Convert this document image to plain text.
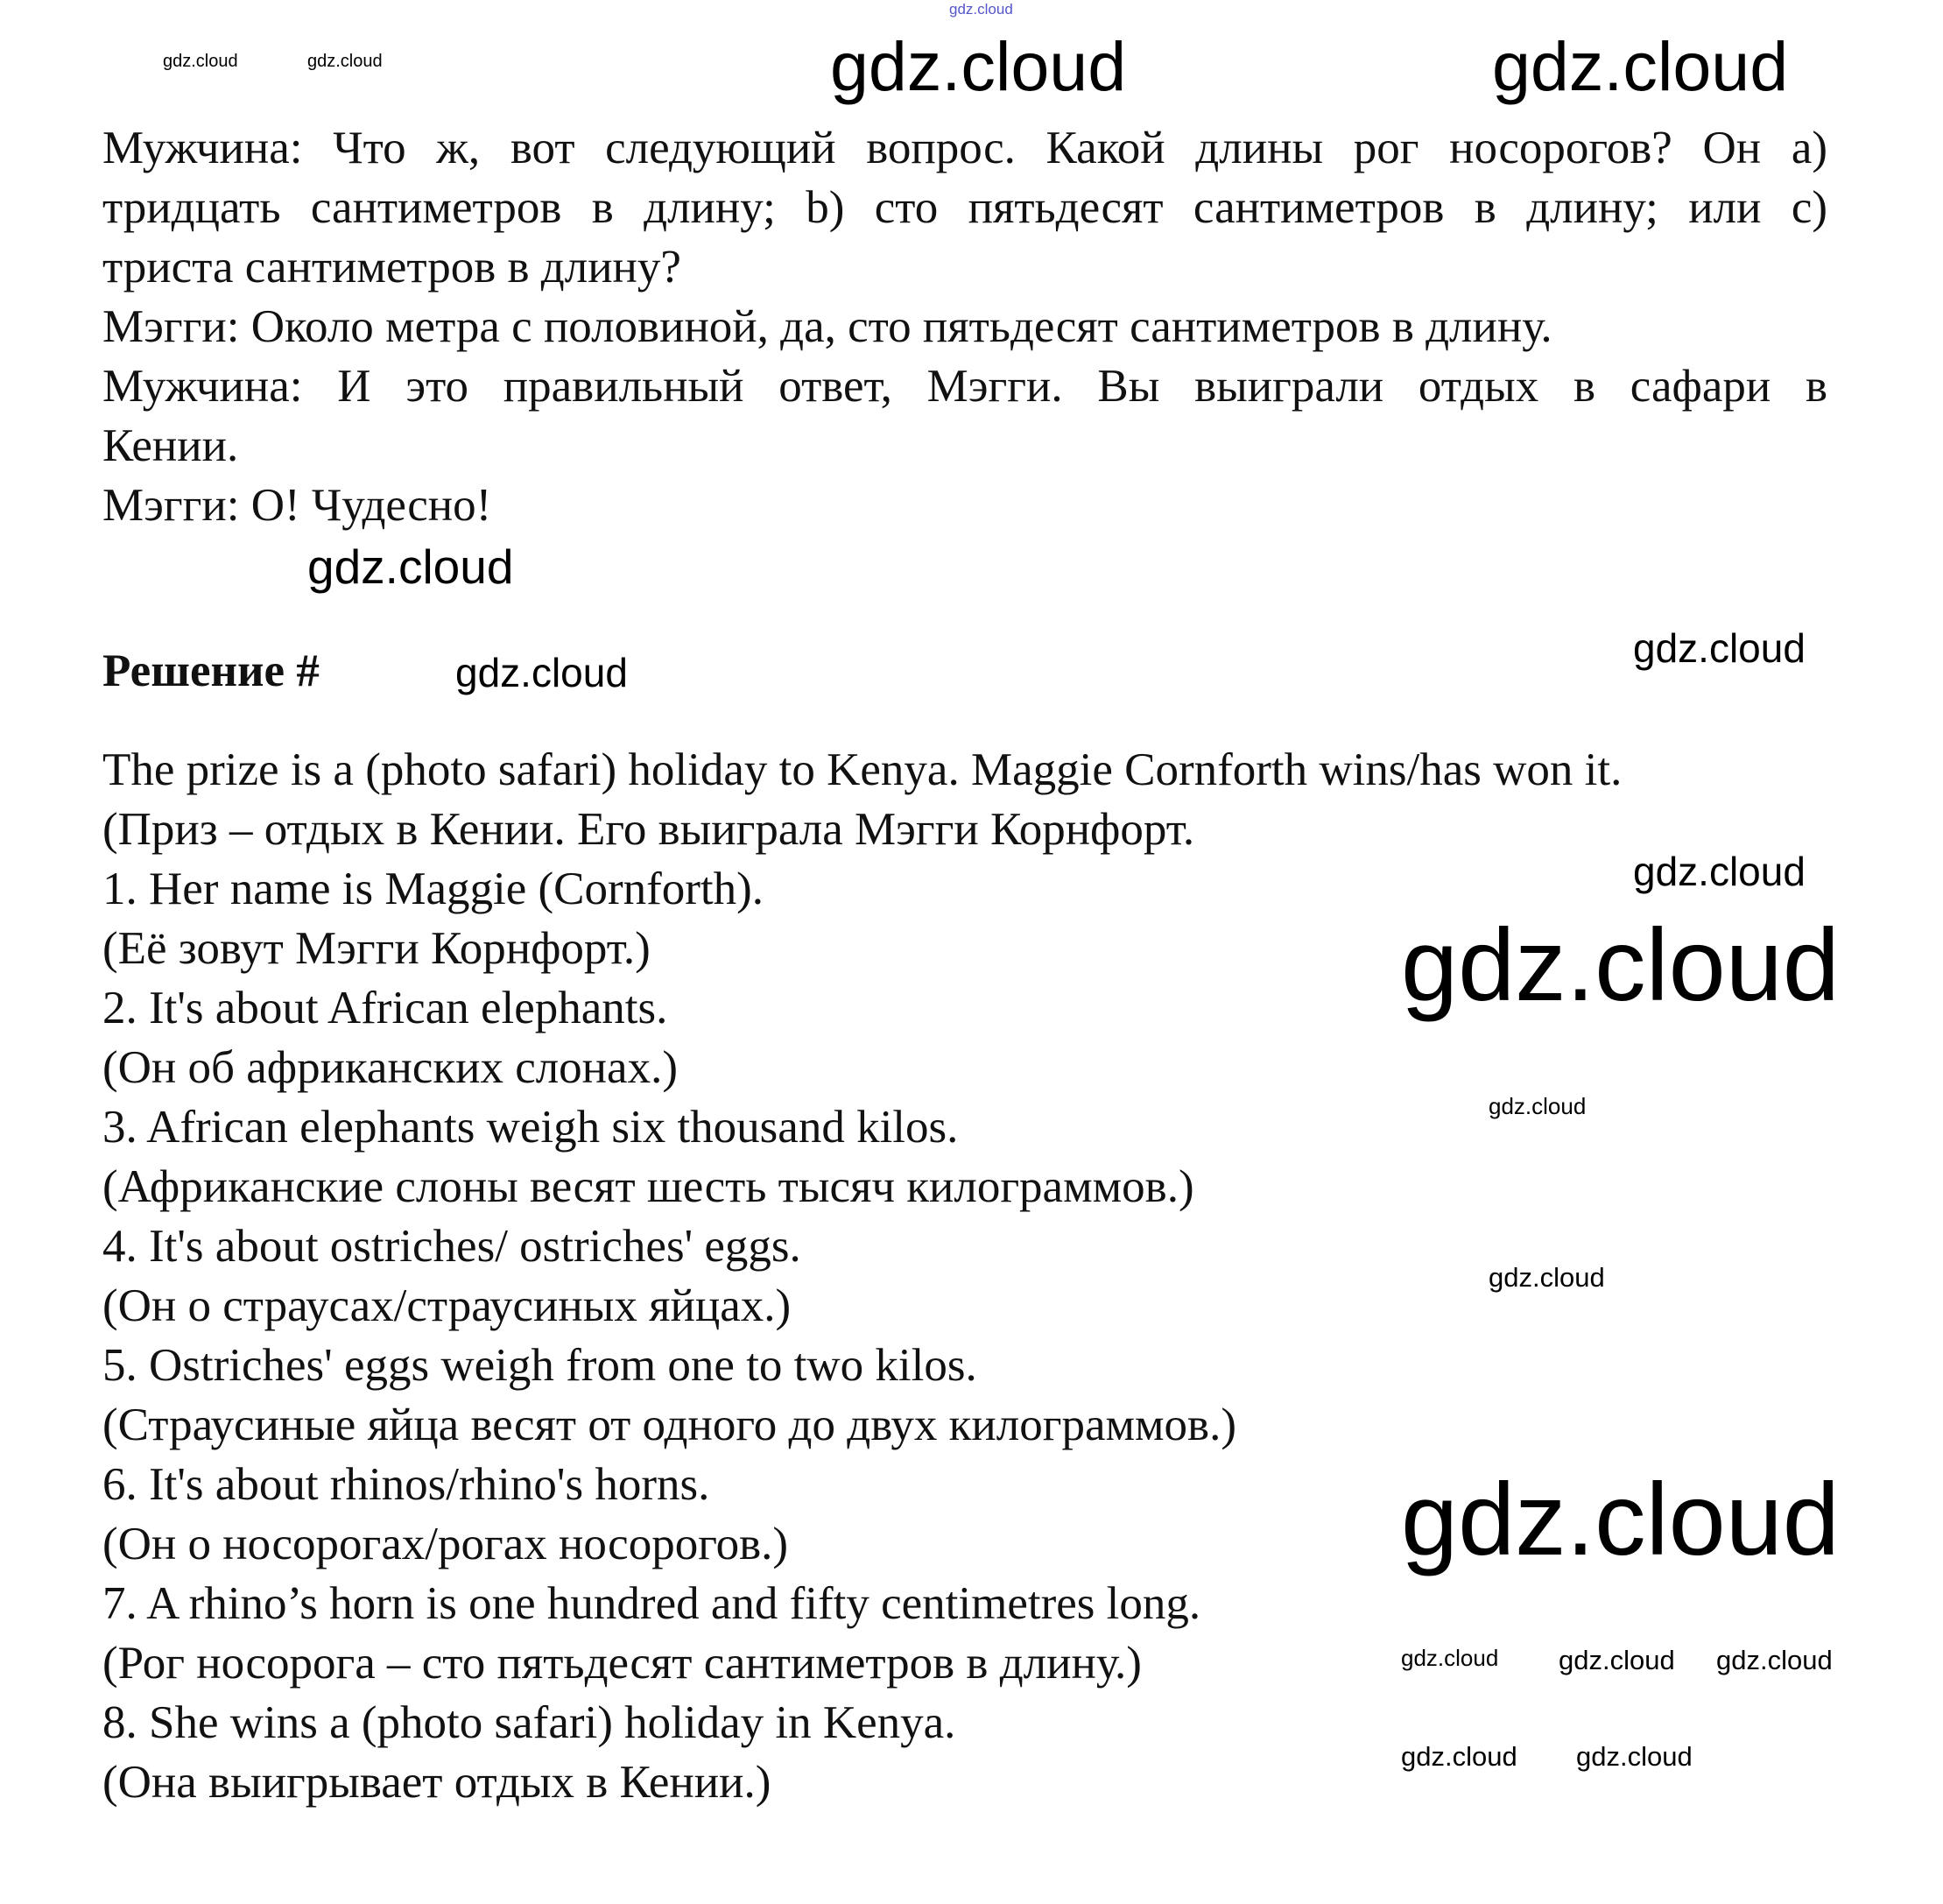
Мужчина: Что ж, вот следующий вопрос. Какой длины рог носорогов? Он a)
тридцать сантиметров в длину; b) сто пятьдесят сантиметров в длину; или c)
триста сантиметров в длину?
Мэгги: Около метра с половиной, да, сто пятьдесят сантиметров в длину.
Мужчина: И это правильный ответ, Мэгги. Вы выиграли отдых в сафари в
Кении.
Мэгги: О! Чудесно!
Решение #
The prize is a (photo safari) holiday to Kenya. Maggie Cornforth wins/has won it.
(Приз – отдых в Кении. Его выиграла Мэгги Корнфорт.
1. Her name is Maggie (Cornforth).
(Её зовут Мэгги Корнфорт.)
2. It's about African elephants.
(Он об африканских слонах.)
3. African elephants weigh six thousand kilos.
(Африканские слоны весят шесть тысяч килограммов.)
4. It's about ostriches/ ostriches' eggs.
(Он о страусах/страусиных яйцах.)
5. Ostriches' eggs weigh from one to two kilos.
(Страусиные яйца весят от одного до двух килограммов.)
6. It's about rhinos/rhino's horns.
(Он о носорогах/рогах носорогов.)
7. A rhino’s horn is one hundred and fifty centimetres long.
(Рог носорога – сто пятьдесят сантиметров в длину.)
8. She wins a (photo safari) holiday in Kenya.
(Она выигрывает отдых в Кении.)
gdz.cloud
gdz.cloud	gdz.cloud	gdz.cloud	gdz.cloud
gdz.cloud
gdz.cloud
gdz.cloud
gdz.cloud
gdz.cloud
gdz.cloud
gdz.cloud
gdz.cloud
gdz.cloud gdz.cloud gdz.cloud
gdz.cloud gdz.cloud
